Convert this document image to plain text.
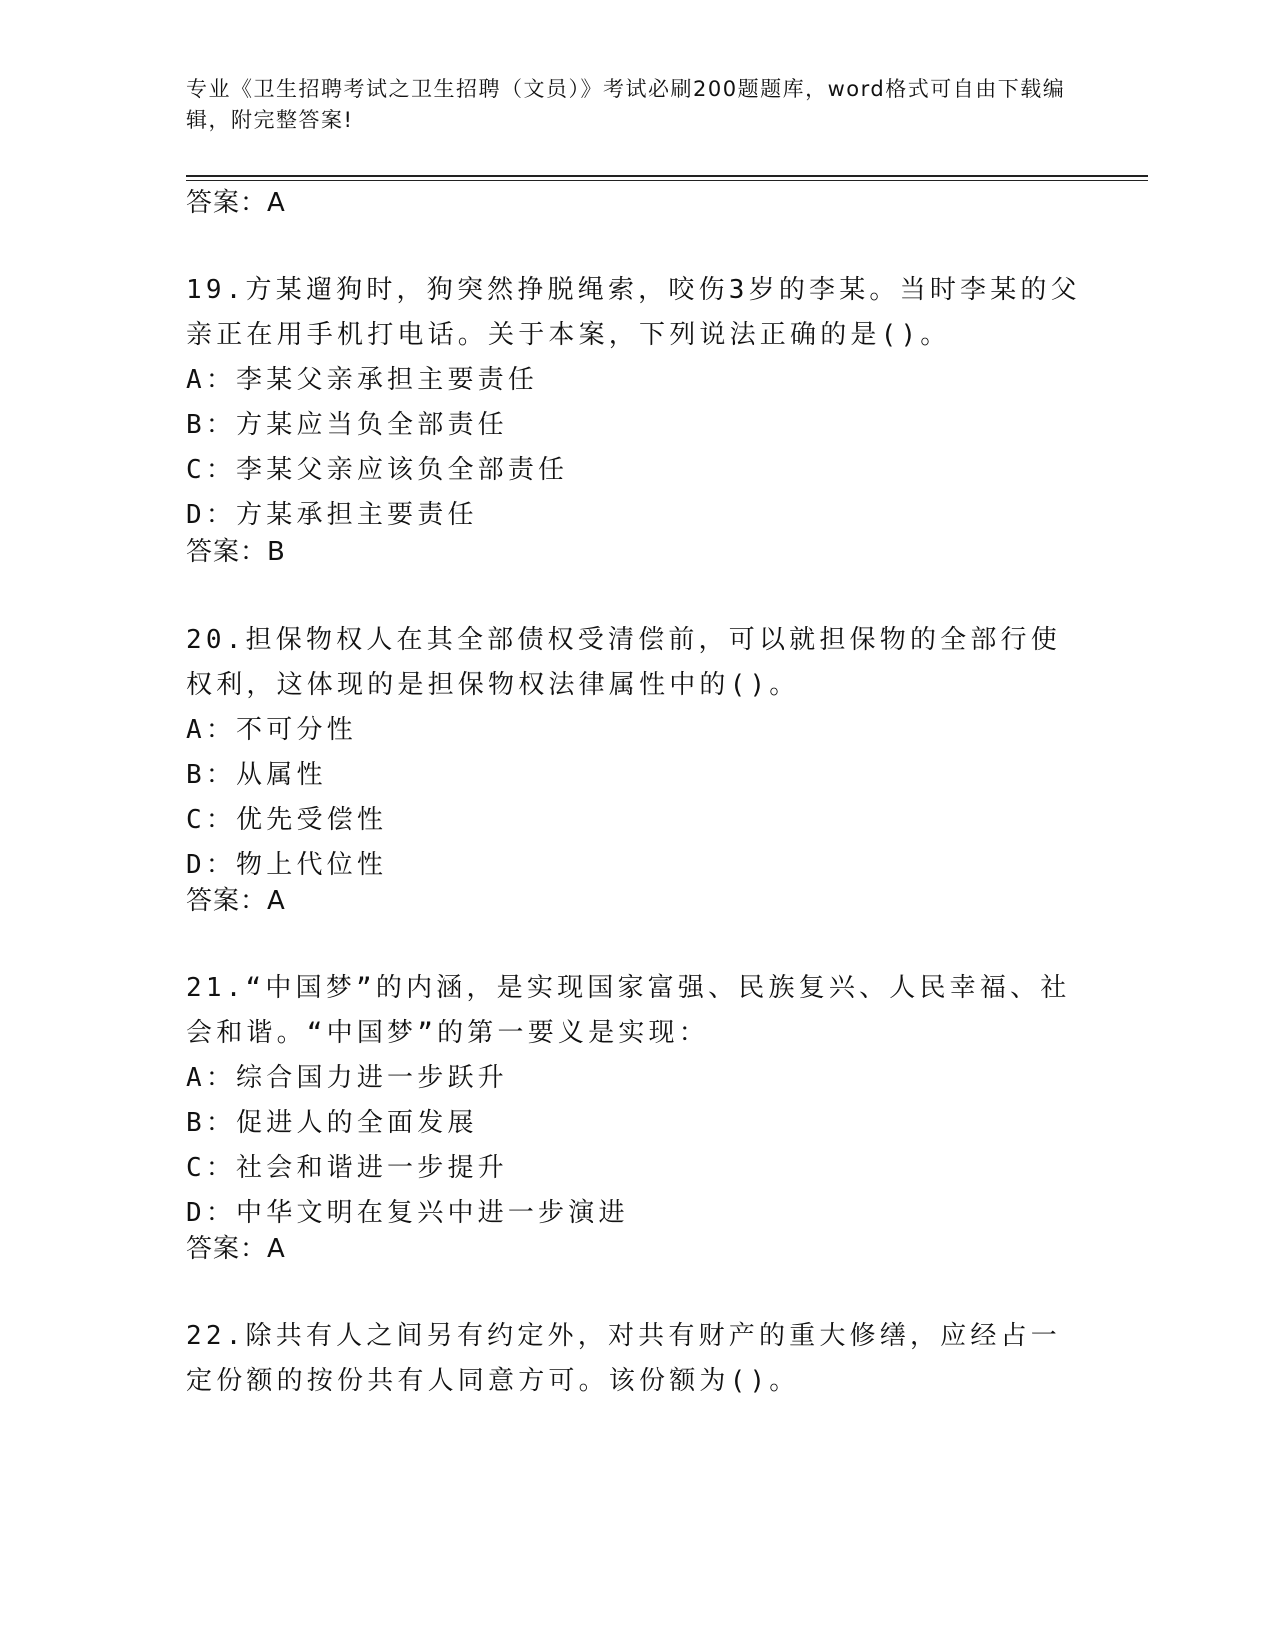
专业《卫生招聘考试之卫生招聘（文员）》考试必刷200题题库，word格式可自由下载编辑，附完整答案!
答案：A
19.方某遛狗时，狗突然挣脱绳索，咬伤3岁的李某。当时李某的父亲正在用手机打电话。关于本案，下列说法正确的是()。
A：李某父亲承担主要责任
B：方某应当负全部责任
C：李某父亲应该负全部责任
D：方某承担主要责任
答案：B
20.担保物权人在其全部债权受清偿前，可以就担保物的全部行使权利，这体现的是担保物权法律属性中的()。
A：不可分性
B：从属性
C：优先受偿性
D：物上代位性
答案：A
21.“中国梦”的内涵，是实现国家富强、民族复兴、人民幸福、社会和谐。“中国梦”的第一要义是实现：
A：综合国力进一步跃升
B：促进人的全面发展
C：社会和谐进一步提升
D：中华文明在复兴中进一步演进
答案：A
22.除共有人之间另有约定外，对共有财产的重大修缮，应经占一定份额的按份共有人同意方可。该份额为()。
